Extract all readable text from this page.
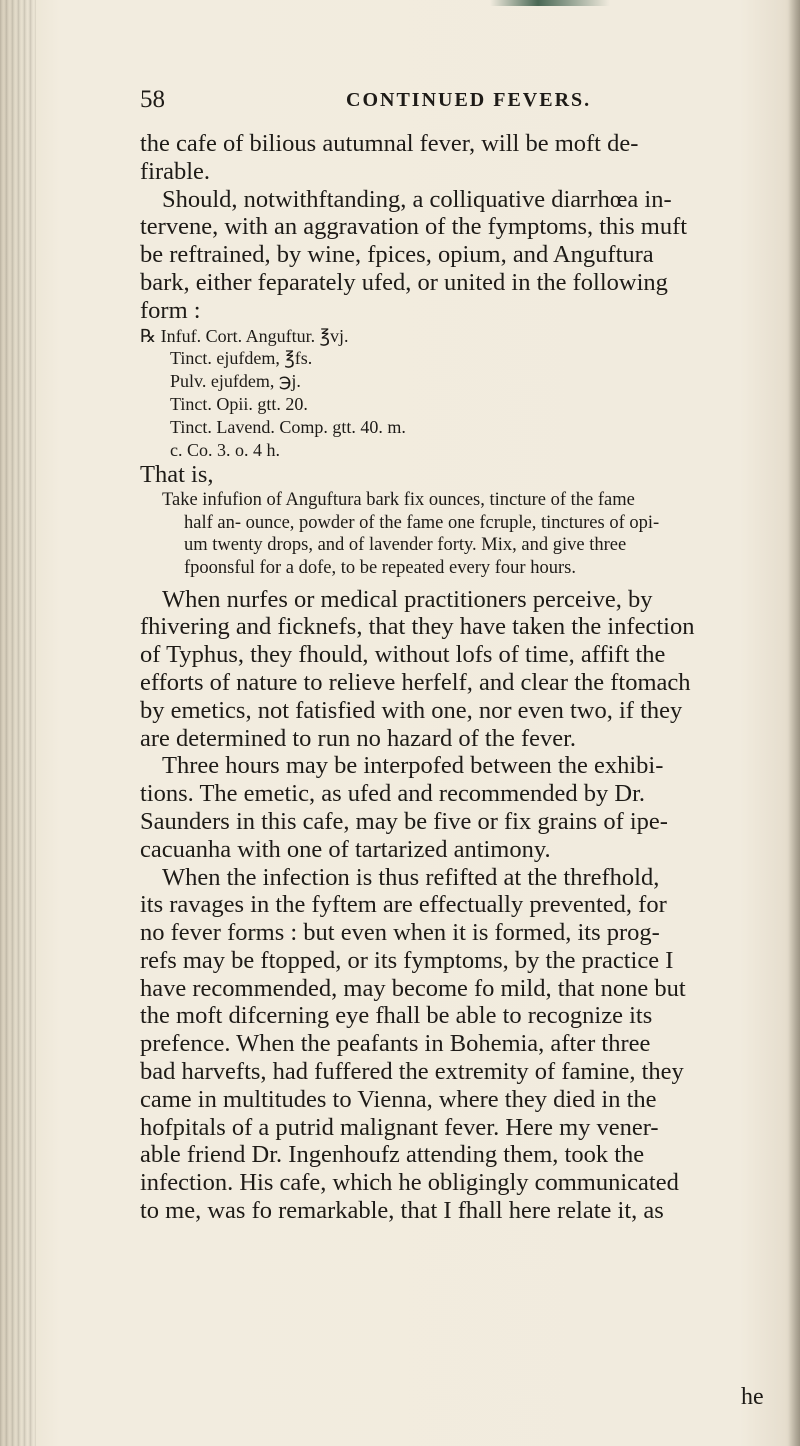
58	CONTINUED FEVERS.
the cafe of bilious autumnal fever, will be moft de-
firable.
Should, notwithftanding, a colliquative diarrhœa in-
tervene, with an aggravation of the fymptoms, this muft
be reftrained, by wine, fpices, opium, and Anguftura
bark, either feparately ufed, or united in the following
form :
℞ Infuf. Cort. Anguftur. ℥vj.
Tinct. ejufdem, ℥fs.
Pulv. ejufdem, ℈j.
Tinct. Opii. gtt. 20.
Tinct. Lavend. Comp. gtt. 40. m.
c. Co. 3. o. 4 h.
That is,
Take infufion of Anguftura bark fix ounces, tincture of the fame
half an- ounce, powder of the fame one fcruple, tinctures of opi-
um twenty drops, and of lavender forty. Mix, and give three
fpoonsful for a dofe, to be repeated every four hours.
When nurfes or medical practitioners perceive, by
fhivering and ficknefs, that they have taken the infection
of Typhus, they fhould, without lofs of time, affift the
efforts of nature to relieve herfelf, and clear the ftomach
by emetics, not fatisfied with one, nor even two, if they
are determined to run no hazard of the fever.
Three hours may be interpofed between the exhibi-
tions. The emetic, as ufed and recommended by Dr.
Saunders in this cafe, may be five or fix grains of ipe-
cacuanha with one of tartarized antimony.
When the infection is thus refifted at the threfhold,
its ravages in the fyftem are effectually prevented, for
no fever forms : but even when it is formed, its prog-
refs may be ftopped, or its fymptoms, by the practice I
have recommended, may become fo mild, that none but
the moft difcerning eye fhall be able to recognize its
prefence. When the peafants in Bohemia, after three
bad harvefts, had fuffered the extremity of famine, they
came in multitudes to Vienna, where they died in the
hofpitals of a putrid malignant fever. Here my vener-
able friend Dr. Ingenhoufz attending them, took the
infection. His cafe, which he obligingly communicated
to me, was fo remarkable, that I fhall here relate it, as
he
